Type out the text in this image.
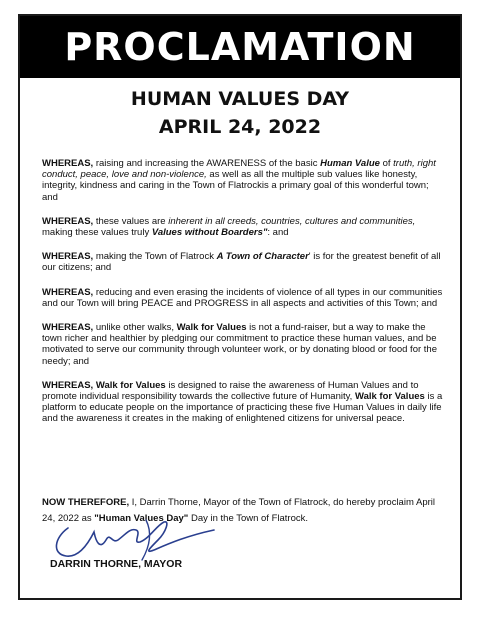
PROCLAMATION
HUMAN VALUES DAY
APRIL 24, 2022

WHEREAS, raising and increasing the AWARENESS of the basic Human Value of truth, right conduct, peace, love and non-violence, as well as all the multiple sub values like honesty, integrity, kindness and caring in the Town of Flatrockis a primary goal of this wonderful town; and

WHEREAS, these values are inherent in all creeds, countries, cultures and communities, making these values truly Values without Boarders": and

WHEREAS, making the Town of Flatrock A Town of Character' is for the greatest benefit of all our citizens; and

WHEREAS, reducing and even erasing the incidents of violence of all types in our communities and our Town will bring PEACE and PROGRESS in all aspects and activities of this Town; and

WHEREAS, unlike other walks, Walk for Values is not a fund-raiser, but a way to make the town richer and healthier by pledging our commitment to practice these human values, and be motivated to serve our community through volunteer work, or by donating blood or food for the needy; and

WHEREAS, Walk for Values is designed to raise the awareness of Human Values and to promote individual responsibility towards the collective future of Humanity, Walk for Values is a platform to educate people on the importance of practicing these five Human Values in daily life and the awareness it creates in the making of enlightened citizens for universal peace.

NOW THEREFORE, I, Darrin Thorne, Mayor of the Town of Flatrock, do hereby proclaim April 24, 2022 as "Human Values Day" Day in the Town of Flatrock.

DARRIN THORNE, MAYOR
